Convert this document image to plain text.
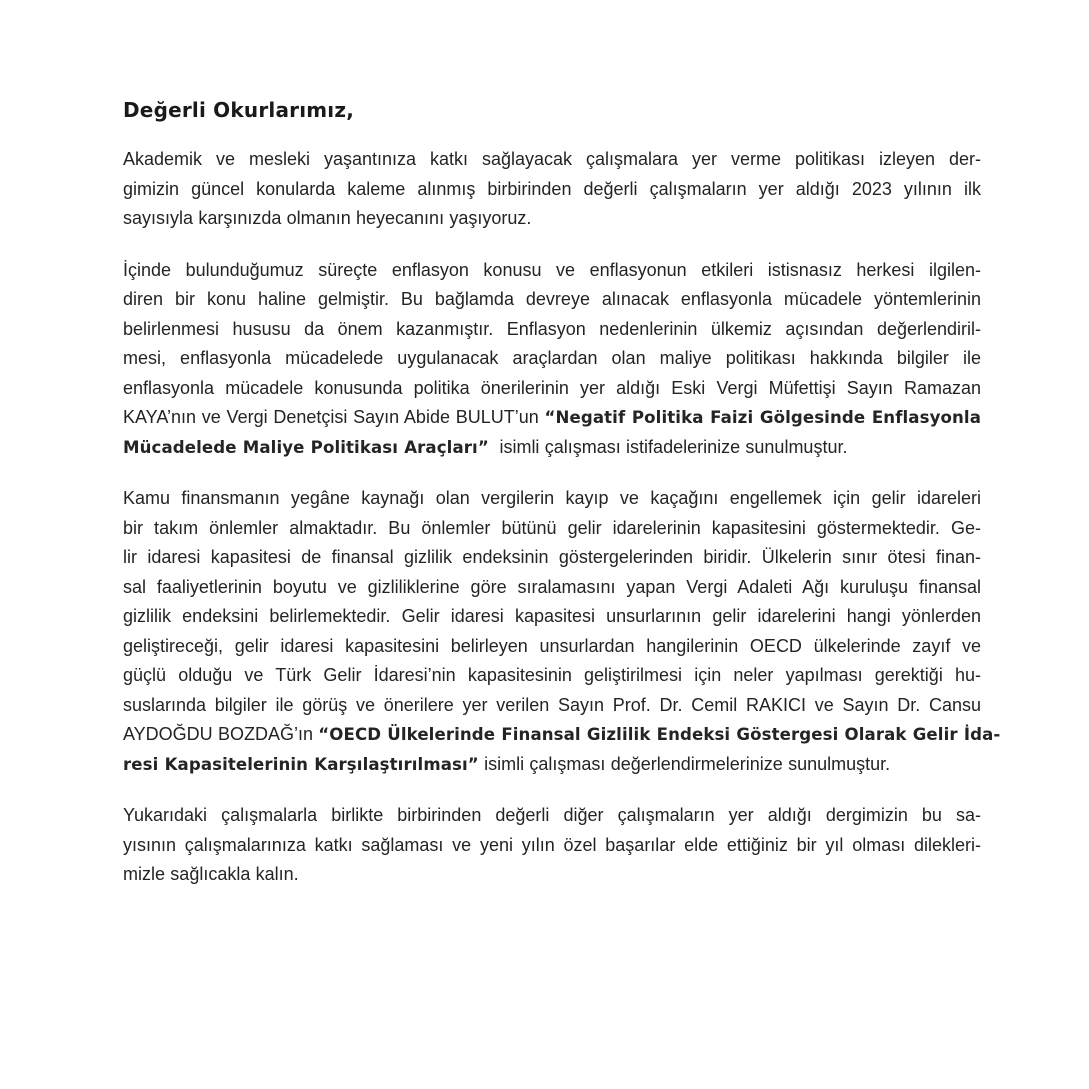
Değerli Okurlarımız,
Akademik ve mesleki yaşantınıza katkı sağlayacak çalışmalara yer verme politikası izleyen der-
gimizin güncel konularda kaleme alınmış birbirinden değerli çalışmaların yer aldığı 2023 yılının ilk
sayısıyla karşınızda olmanın heyecanını yaşıyoruz.
İçinde bulunduğumuz süreçte enflasyon konusu ve enflasyonun etkileri istisnasız herkesi ilgilen-
diren bir konu haline gelmiştir. Bu bağlamda devreye alınacak enflasyonla mücadele yöntemlerinin
belirlenmesi hususu da önem kazanmıştır. Enflasyon nedenlerinin ülkemiz açısından değerlendiril-
mesi, enflasyonla mücadelede uygulanacak araçlardan olan maliye politikası hakkında bilgiler ile
enflasyonla mücadele konusunda politika önerilerinin yer aldığı Eski Vergi Müfettişi Sayın Ramazan
KAYA’nın ve Vergi Denetçisi Sayın Abide BULUT’un “Negatif Politika Faizi Gölgesinde Enflasyonla
Mücadelede Maliye Politikası Araçları”  isimli çalışması istifadelerinize sunulmuştur.
Kamu finansmanın yegâne kaynağı olan vergilerin kayıp ve kaçağını engellemek için gelir idareleri
bir takım önlemler almaktadır. Bu önlemler bütünü gelir idarelerinin kapasitesini göstermektedir. Ge-
lir idaresi kapasitesi de finansal gizlilik endeksinin göstergelerinden biridir. Ülkelerin sınır ötesi finan-
sal faaliyetlerinin boyutu ve gizliliklerine göre sıralamasını yapan Vergi Adaleti Ağı kuruluşu finansal
gizlilik endeksini belirlemektedir. Gelir idaresi kapasitesi unsurlarının gelir idarelerini hangi yönlerden
geliştireceği, gelir idaresi kapasitesini belirleyen unsurlardan hangilerinin OECD ülkelerinde zayıf ve
güçlü olduğu ve Türk Gelir İdaresi’nin kapasitesinin geliştirilmesi için neler yapılması gerektiği hu-
suslarında bilgiler ile görüş ve önerilere yer verilen Sayın Prof. Dr. Cemil RAKICI ve Sayın Dr. Cansu
AYDOĞDU BOZDAĞ’ın “OECD Ülkelerinde Finansal Gizlilik Endeksi Göstergesi Olarak Gelir İda-
resi Kapasitelerinin Karşılaştırılması” isimli çalışması değerlendirmelerinize sunulmuştur.
Yukarıdaki çalışmalarla birlikte birbirinden değerli diğer çalışmaların yer aldığı dergimizin bu sa-
yısının çalışmalarınıza katkı sağlaması ve yeni yılın özel başarılar elde ettiğiniz bir yıl olması dilekleri-
mizle sağlıcakla kalın.
